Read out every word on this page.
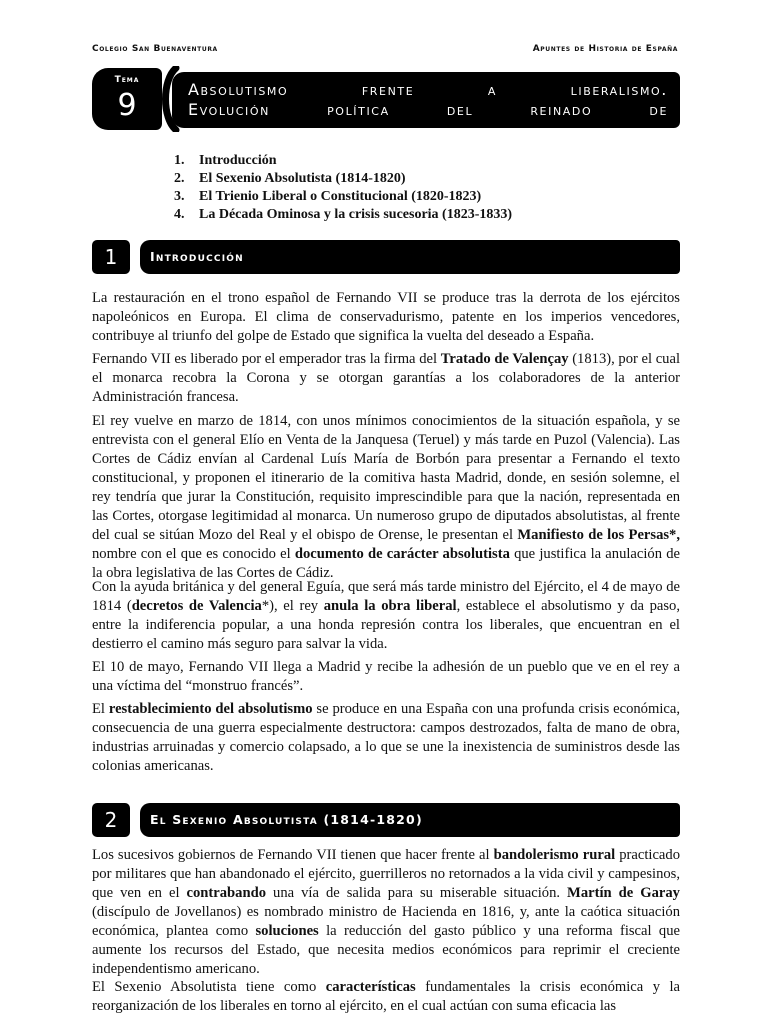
Colegio San Buenaventura	Apuntes de Historia de España
Tema
9	Absolutismo frente a liberalismo.
Evolución política del reinado de
1. Introducción
2. El Sexenio Absolutista (1814-1820)
3. El Trienio Liberal o Constitucional (1820-1823)
4. La Década Ominosa y la crisis sucesoria (1823-1833)
1	Introducción

La restauración en el trono español de Fernando VII se produce tras la derrota de los ejércitos napoleónicos en Europa. El clima de conservadurismo, patente en los imperios vencedores, contribuye al triunfo del golpe de Estado que significa la vuelta del deseado a España.

Fernando VII es liberado por el emperador tras la firma del Tratado de Valençay (1813), por el cual el monarca recobra la Corona y se otorgan garantías a los colaboradores de la anterior Administración francesa.

El rey vuelve en marzo de 1814, con unos mínimos conocimientos de la situación española, y se entrevista con el general Elío en Venta de la Janquesa (Teruel) y más tarde en Puzol (Valencia). Las Cortes de Cádiz envían al Cardenal Luís María de Borbón para presentar a Fernando el texto constitucional, y proponen el itinerario de la comitiva hasta Madrid, donde, en sesión solemne, el rey tendría que jurar la Constitución, requisito imprescindible para que la nación, representada en las Cortes, otorgase legitimidad al monarca. Un numeroso grupo de diputados absolutistas, al frente del cual se sitúan Mozo del Real y el obispo de Orense, le presentan el Manifiesto de los Persas*, nombre con el que es conocido el documento de carácter absolutista que justifica la anulación de la obra legislativa de las Cortes de Cádiz.

Con la ayuda británica y del general Eguía, que será más tarde ministro del Ejército, el 4 de mayo de 1814 (decretos de Valencia*), el rey anula la obra liberal, establece el absolutismo y da paso, entre la indiferencia popular, a una honda represión contra los liberales, que encuentran en el destierro el camino más seguro para salvar la vida.

El 10 de mayo, Fernando VII llega a Madrid y recibe la adhesión de un pueblo que ve en el rey a una víctima del “monstruo francés”.

El restablecimiento del absolutismo se produce en una España con una profunda crisis económica, consecuencia de una guerra especialmente destructora: campos destrozados, falta de mano de obra, industrias arruinadas y comercio colapsado, a lo que se une la inexistencia de suministros desde las colonias americanas.

2	El Sexenio Absolutista (1814-1820)

Los sucesivos gobiernos de Fernando VII tienen que hacer frente al bandolerismo rural practicado por militares que han abandonado el ejército, guerrilleros no retornados a la vida civil y campesinos, que ven en el contrabando una vía de salida para su miserable situación. Martín de Garay (discípulo de Jovellanos) es nombrado ministro de Hacienda en 1816, y, ante la caótica situación económica, plantea como soluciones la reducción del gasto público y una reforma fiscal que aumente los recursos del Estado, que necesita medios económicos para reprimir el creciente independentismo americano.

El Sexenio Absolutista tiene como características fundamentales la crisis económica y la reorganización de los liberales en torno al ejército, en el cual actúan con suma eficacia las
